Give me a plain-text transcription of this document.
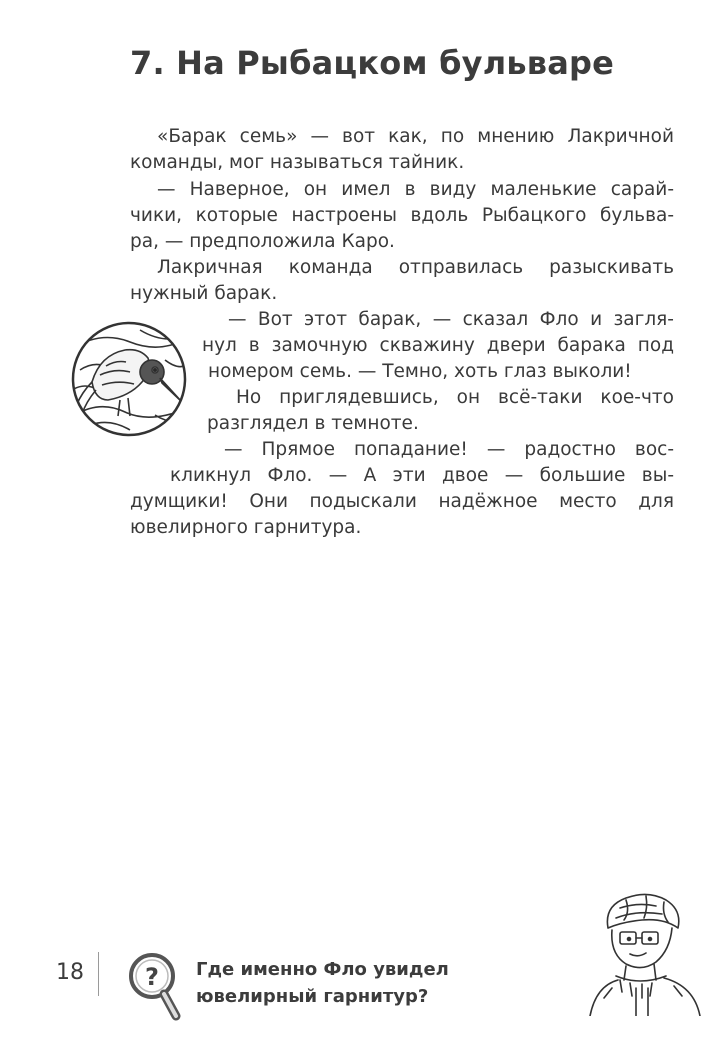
7. На Рыбацком бульваре
«Барак семь» — вот как, по мнению Лакричной
команды, мог называться тайник.
— Наверное, он имел в виду маленькие сарай-
чики, которые настроены вдоль Рыбацкого бульва-
ра, — предположила Каро.
Лакричная команда отправилась разыскивать
нужный барак.
— Вот этот барак, — сказал Фло и загля-
нул в замочную скважину двери барака под
номером семь. — Темно, хоть глаз выколи!
Но приглядевшись, он всё-таки кое-что
разглядел в темноте.
— Прямое попадание! — радостно вос-
кликнул Фло. — А эти двое — большие вы-
думщики! Они подыскали надёжное место для
ювелирного гарнитура.
18	? Где именно Фло увидел
ювелирный гарнитур?
